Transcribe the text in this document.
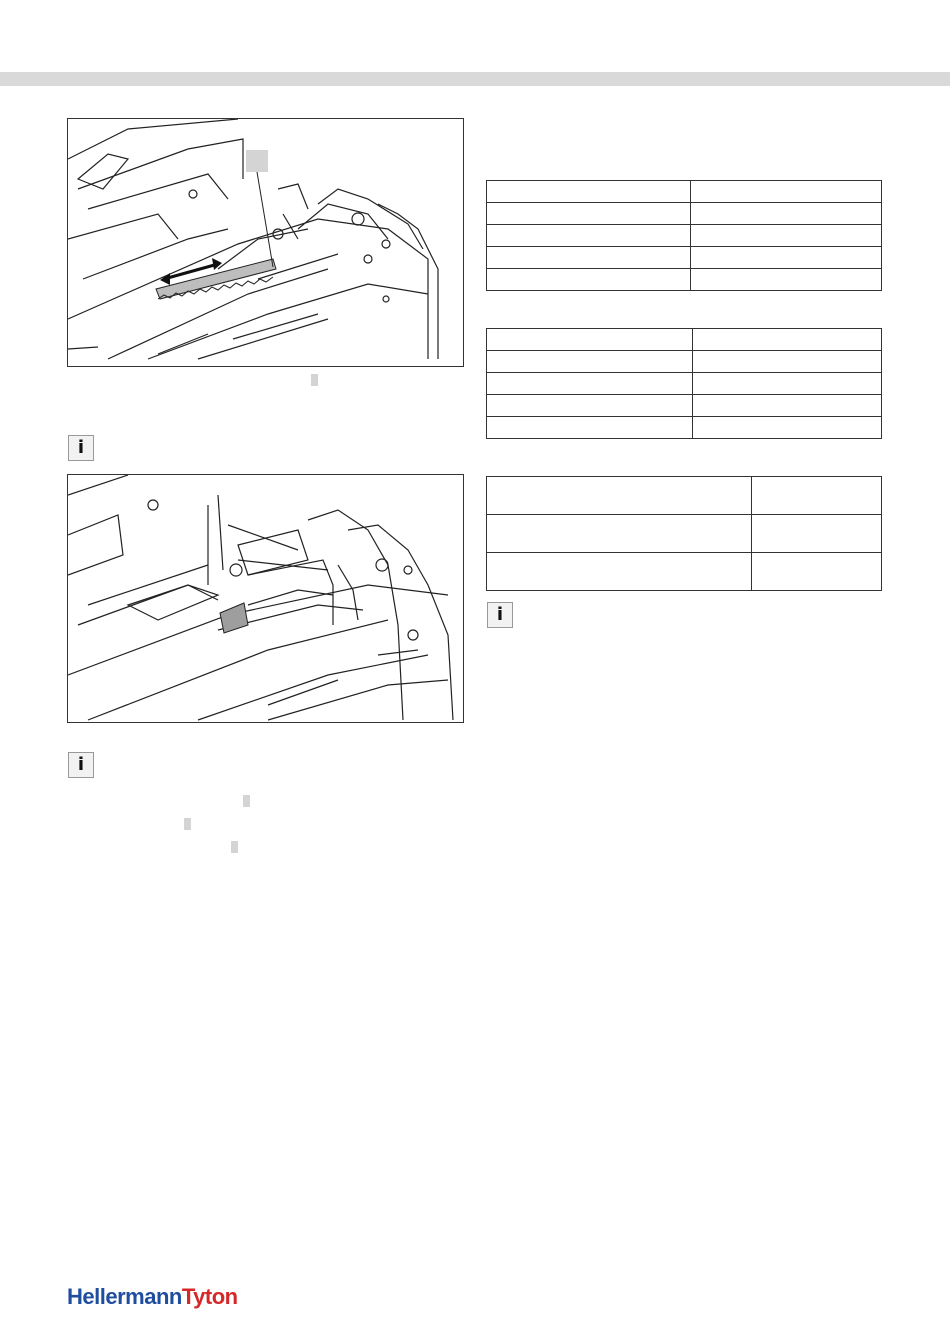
i
i

i
HellermannTyton
